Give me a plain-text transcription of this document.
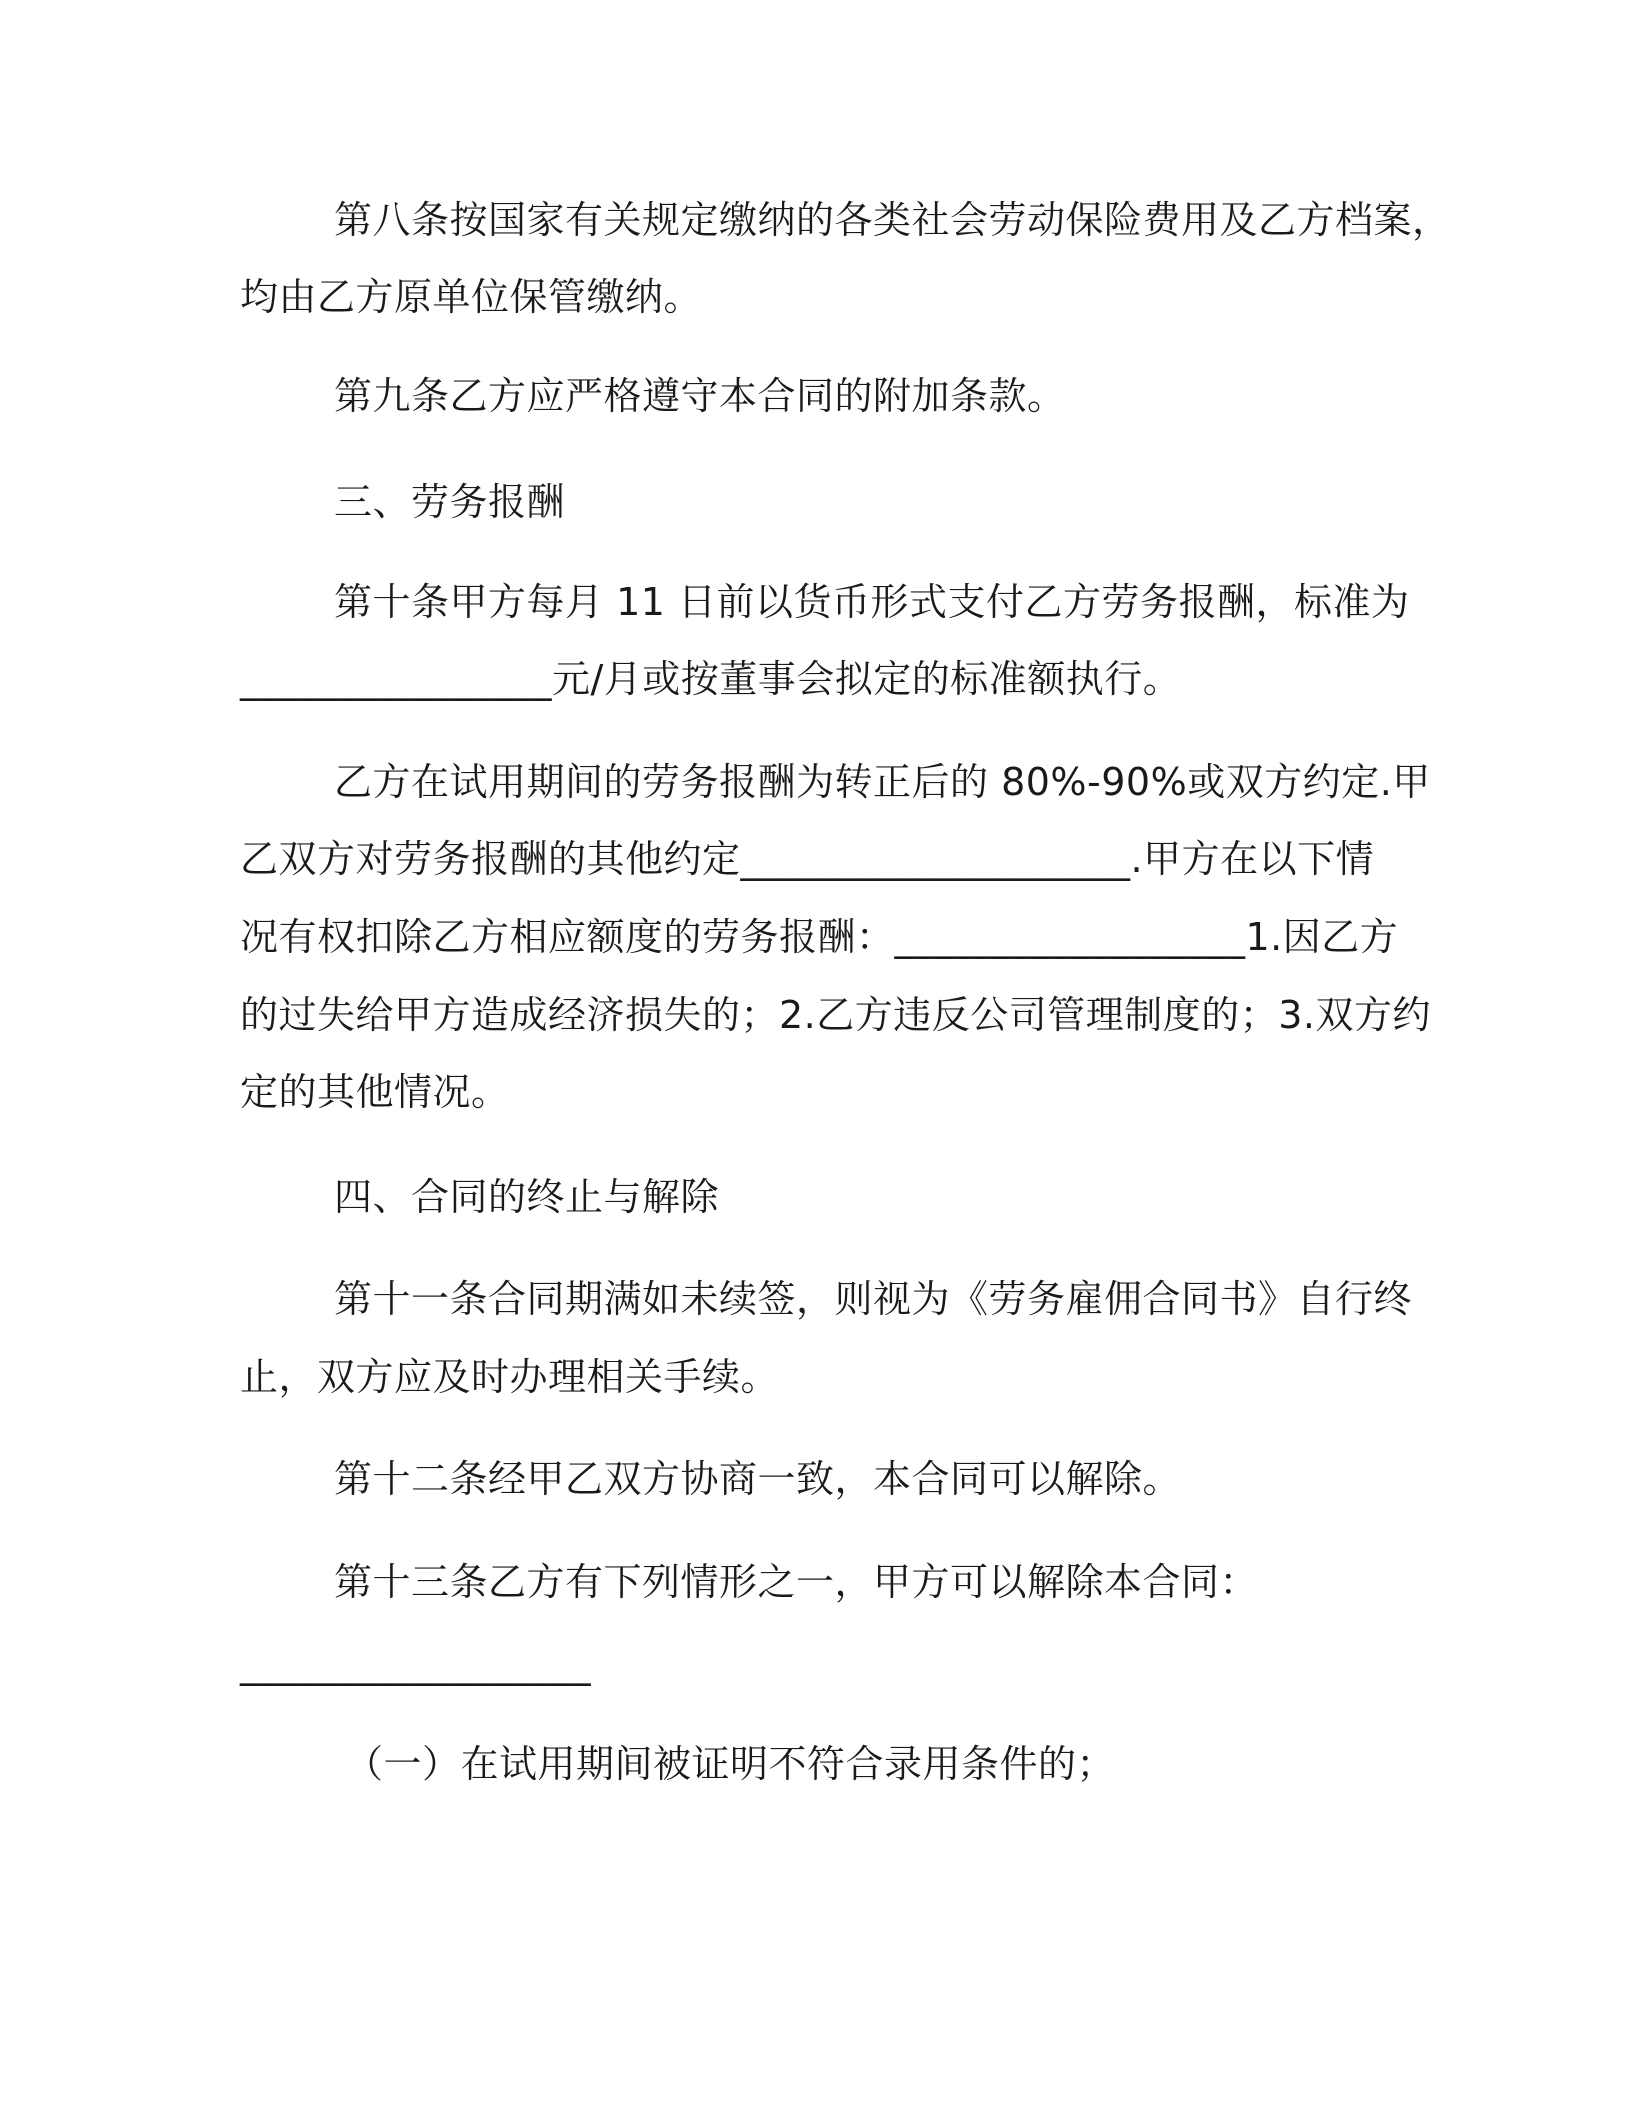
第八条按国家有关规定缴纳的各类社会劳动保险费用及乙方档案，
均由乙方原单位保管缴纳。
第九条乙方应严格遵守本合同的附加条款。
三、劳务报酬
第十条甲方每月 11 日前以货币形式支付乙方劳务报酬，标准为
________________元/月或按董事会拟定的标准额执行。
乙方在试用期间的劳务报酬为转正后的 80%-90%或双方约定.甲
乙双方对劳务报酬的其他约定____________________.甲方在以下情
况有权扣除乙方相应额度的劳务报酬：__________________1.因乙方
的过失给甲方造成经济损失的；2.乙方违反公司管理制度的；3.双方约
定的其他情况。
四、合同的终止与解除
第十一条合同期满如未续签，则视为《劳务雇佣合同书》自行终
止，双方应及时办理相关手续。
第十二条经甲乙双方协商一致，本合同可以解除。
第十三条乙方有下列情形之一，甲方可以解除本合同：
__________________
（一）在试用期间被证明不符合录用条件的；
